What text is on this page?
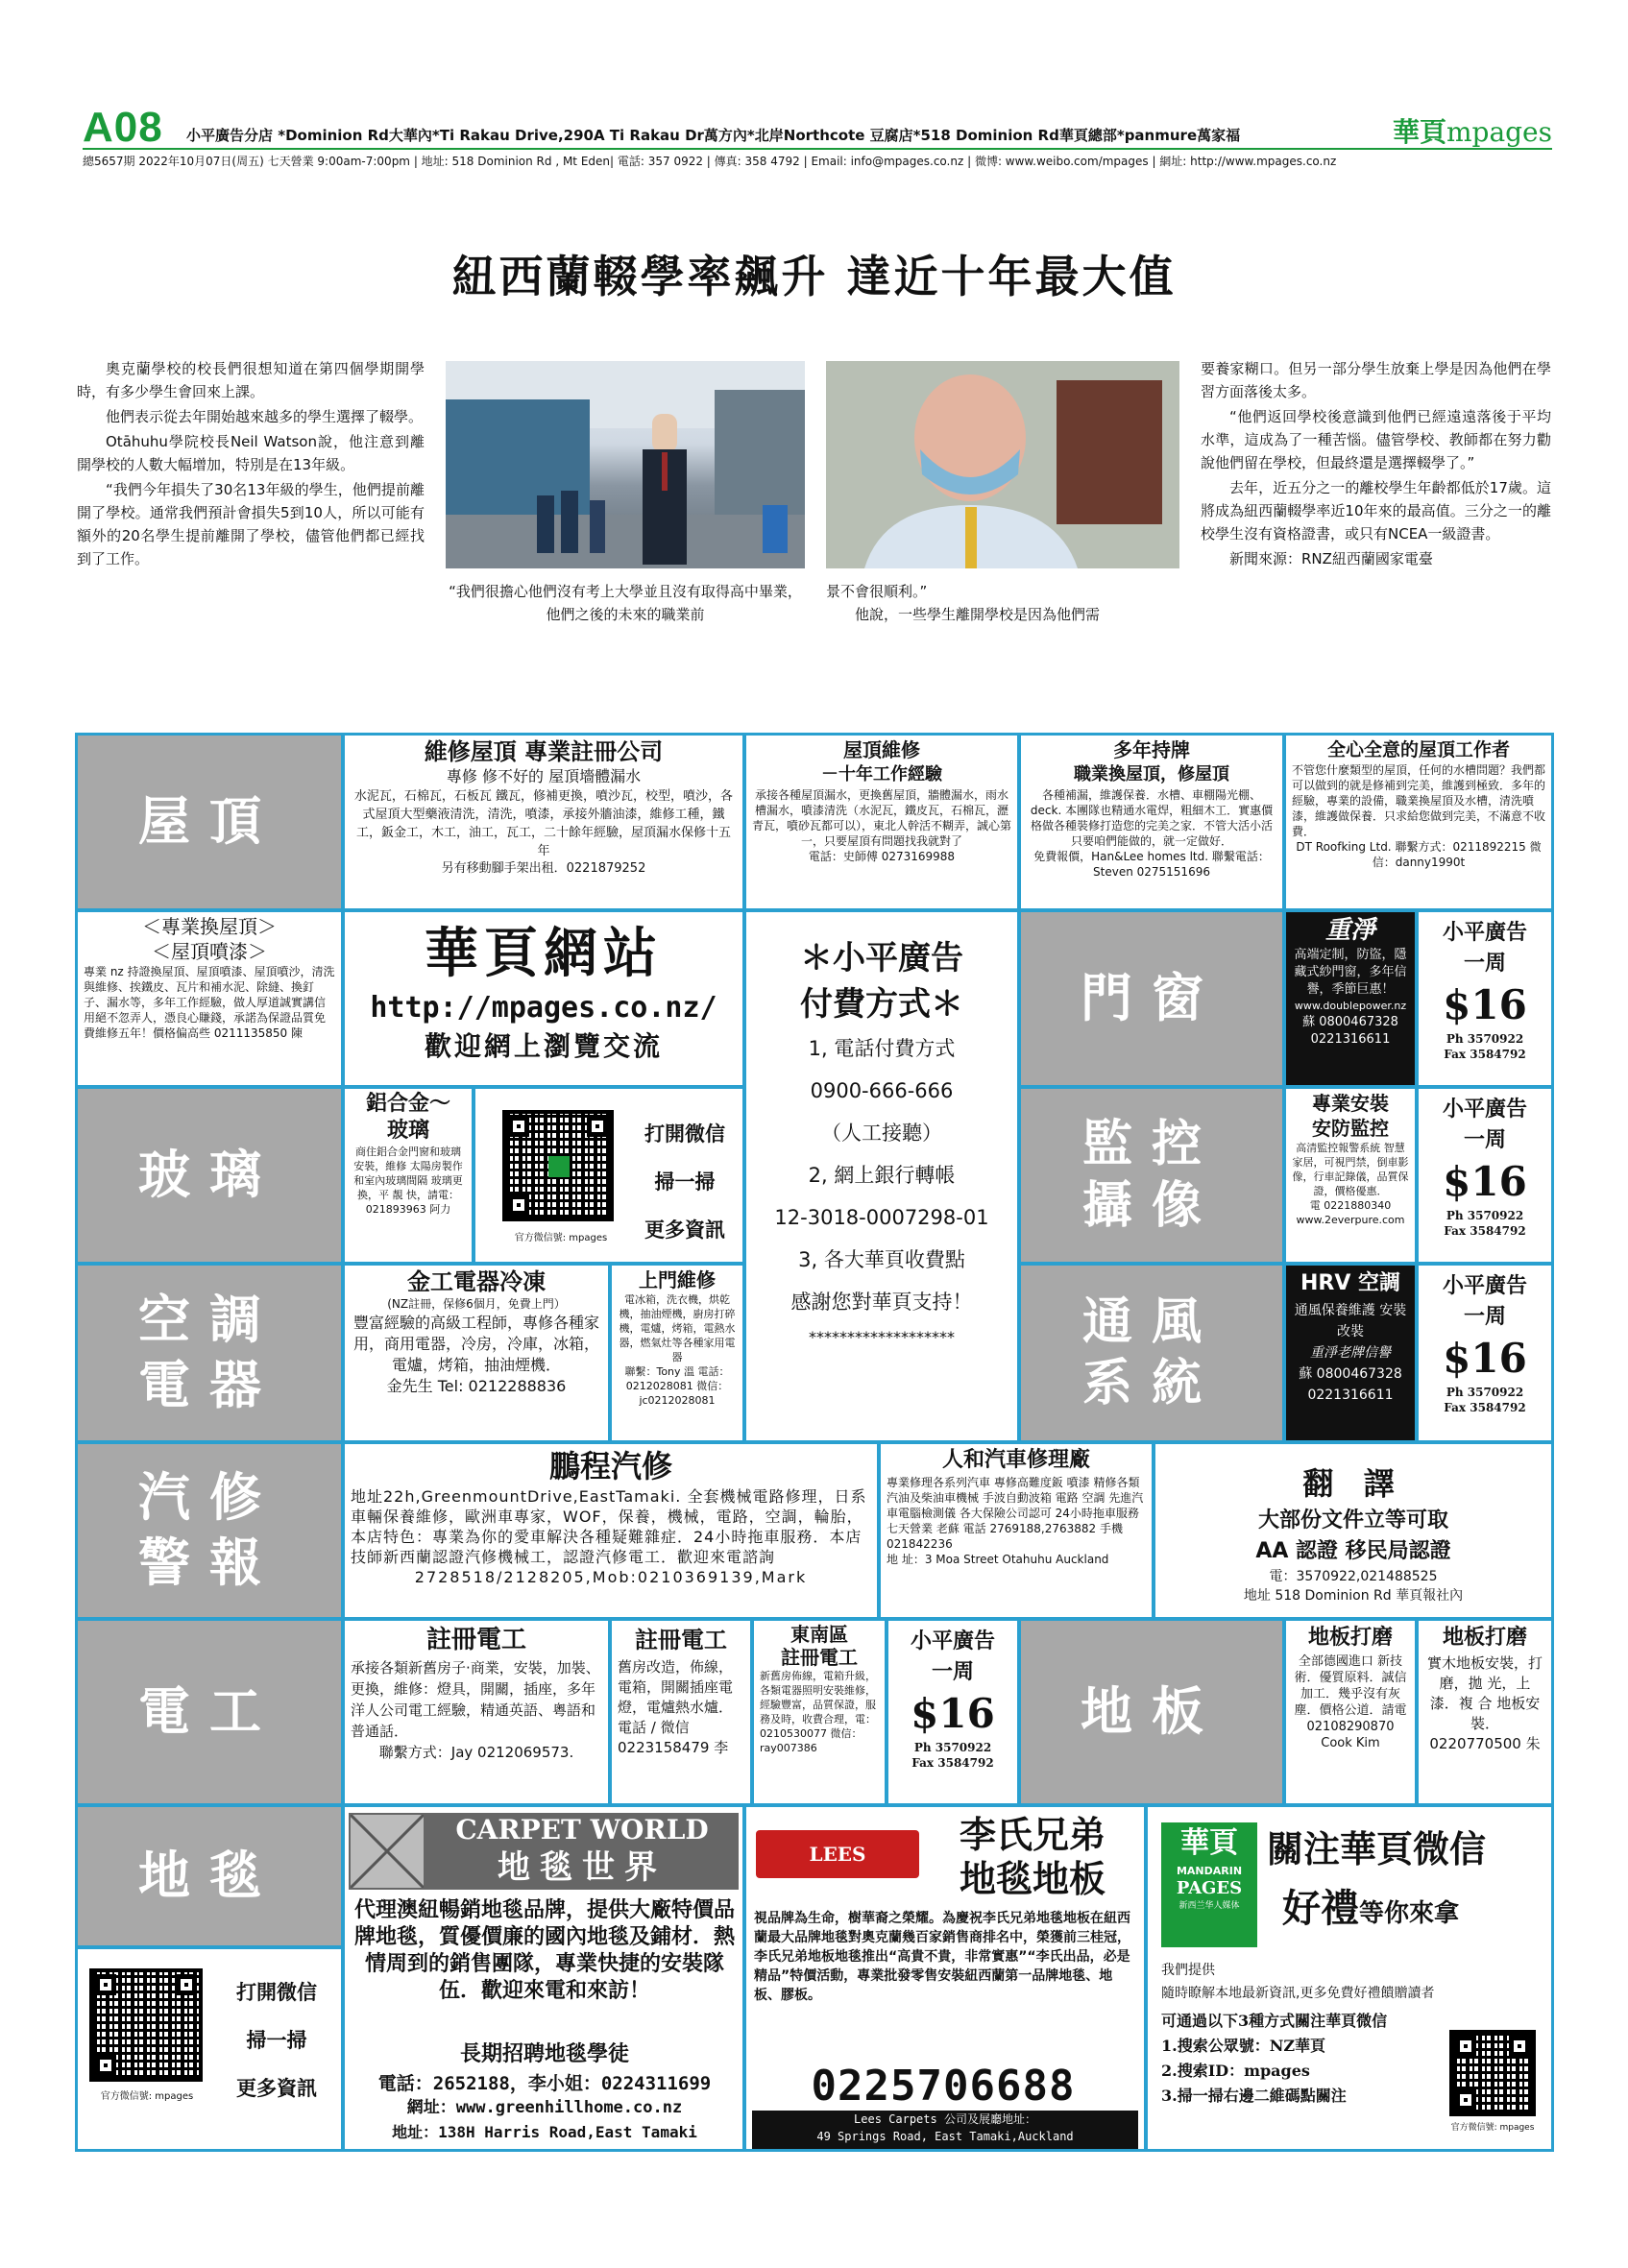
A08 小平廣告分店 *Dominion Rd大華內*Ti Rakau Drive,290A Ti Rakau Dr萬方內*北岸Northcote 豆腐店*518 Dominion Rd華頁總部*panmure萬家福	華頁mpages
總5657期 2022年10月07日(周五) 七天營業 9:00am-7:00pm | 地址: 518 Dominion Rd , Mt Eden| 電話: 357 0922 | 傳真: 358 4792 | Email: info@mpages.co.nz | 微博: www.weibo.com/mpages | 網址: http://www.mpages.co.nz
紐西蘭輟學率飆升 達近十年最大值

奧克蘭學校的校長們很想知道在第四個學期開學時，有多少學生會回來上課。

他們表示從去年開始越來越多的學生選擇了輟學。

Otāhuhu學院校長Neil Watson說，他注意到離開學校的人數大幅增加，特別是在13年級。

“我們今年損失了30名13年級的學生，他們提前離開了學校。通常我們預計會損失5到10人，所以可能有額外的20名學生提前離開了學校，儘管他們都已經找到了工作。

“我們很擔心他們沒有考上大學並且沒有取得高中畢業，他們之後的未來的職業前
景不會很順利。”
他說，一些學生離開學校是因為他們需

要養家糊口。但另一部分學生放棄上學是因為他們在學習方面落後太多。

“他們返回學校後意識到他們已經遠遠落後于平均水準，這成為了一種苦惱。儘管學校、教師都在努力勸說他們留在學校，但最終還是選擇輟學了。”

去年，近五分之一的離校學生年齡都低於17歲。這將成為紐西蘭輟學率近10年來的最高值。三分之一的離校學生沒有資格證書，或只有NCEA一級證書。

新聞來源：RNZ紐西蘭國家電臺

屋頂
維修屋頂 專業註冊公司
專修 修不好的 屋頂墻體漏水
水泥瓦，石棉瓦，石板瓦 鐵瓦，修補更換，噴沙瓦，校型，噴沙，各式屋頂大型藥液清洗，清洗，噴漆，承接外牆油漆，維修工種，鐵工，鈑金工，木工，油工，瓦工，二十餘年經驗，屋頂漏水保修十五年
另有移動腳手架出租．0221879252
屋頂維修
－十年工作經驗
承接各種屋頂漏水，更換舊屋頂，牆體漏水，雨水槽漏水，噴漆清洗（水泥瓦，鐵皮瓦，石棉瓦，瀝青瓦，噴砂瓦都可以），東北人幹活不糊弄，誠心第一，只要屋頂有問題找我就對了
電話：史師傅 0273169988
多年持牌
職業換屋頂，修屋頂
各種補漏，維護保養．水槽、車棚陽光棚、deck. 本團隊也精通水電焊，粗細木工．實惠價格做各種裝修打造您的完美之家．不管大活小活只要咱們能做的，就一定做好．
免費報價，Han&Lee homes ltd. 聯繫電話：Steven 0275151696
全心全意的屋頂工作者
不管您什麼類型的屋頂，任何的水槽問題？我們都可以做到的就是修補到完美，維護到極致．多年的經驗，專業的設備，職業換屋頂及水槽，清洗噴漆，維護做保養．只求給您做到完美，不滿意不收費．
DT Roofking Ltd. 聯繫方式：0211892215 微信：danny1990t
＜專業換屋頂＞
＜屋頂噴漆＞
專業 nz 持證換屋頂、屋頂噴漆、屋頂噴沙，清洗與維修、挨鐵皮、瓦片和補水泥、除縫、換釘子、漏水等，多年工作經驗，做人厚道誠實講信用絕不忽弄人，憑良心賺錢，承諾為保證品質免費維修五年！價格偏高些 0211135850 陳
華頁網站
http://mpages.co.nz/
歡迎網上瀏覽交流
＊小平廣告
付費方式＊
1, 電話付費方式
0900-666-666
（人工接聽）
2, 網上銀行轉帳
12-3018-0007298-01
3, 各大華頁收費點
感謝您對華頁支持！
*******************
門窗
重淨
高端定制，防盜，隱藏式紗門窗，多年信譽，季節巨惠！
www.doublepower.nz
蘇 0800467328 0221316611
小平廣告
一周
$16
Ph 3570922
Fax 3584792
玻璃
鋁合金～
玻璃
商住鋁合金門窗和玻璃安裝，維修 太陽房製作和室內玻璃間隔 玻璃更換，平 靚 快，請電：021893963 阿力
官方微信號: mpages
打開微信
掃一掃
更多資訊
監控
攝像
專業安裝
安防監控
高清監控報警系統 智慧家居，可視門禁，倒車影像，行車記錄儀，品質保證，價格優惠．
電 0221880340
www.2everpure.com
小平廣告
一周
$16
Ph 3570922
Fax 3584792
空調
電器
金工電器冷凍
(NZ註冊，保修6個月，免費上門）
豐富經驗的高級工程師，專修各種家用，商用電器，冷房，冷庫，冰箱，電爐，烤箱，抽油煙機．
金先生 Tel: 0212288836
上門維修
電冰箱，洗衣機，烘乾機，抽油煙機，廚房打碎機，電爐，烤箱，電熱水器，燃氣灶等各種家用電器
聯繫：Tony 溫 電話：0212028081 微信：jc0212028081
通風
系統
HRV 空調
通風保養維護 安裝改裝
重淨老牌信譽
蘇 0800467328 0221316611
小平廣告
一周
$16
Ph 3570922
Fax 3584792
汽修
警報
鵬程汽修
地址22h,GreenmountDrive,EastTamaki. 全套機械電路修理，日系車輛保養維修，歐洲車專家，WOF，保養，機械，電路，空調，輪胎，本店特色：專業為你的愛車解決各種疑難雜症．24小時拖車服務．本店技師新西蘭認證汽修機械工，認證汽修電工．歡迎來電諮詢
2728518/2128205,Mob:0210369139,Mark
人和汽車修理廠
專業修理各系列汽車 專修高難度鈑 噴漆 精修各類汽油及柴油車機械 手波自動波箱 電路 空調 先進汽車電腦檢測儀 各大保險公司認可 24小時拖車服務 七天營業 老蘇 電話 2769188,2763882 手機 021842236
地 址：3 Moa Street Otahuhu Auckland
翻 譯
大部份文件立等可取
AA 認證 移民局認證
電：3570922,021488525
地址 518 Dominion Rd 華頁報社內
電工
註冊電工
承接各類新舊房子·商業，安裝，加裝、更換，維修：燈具，開關，插座，多年洋人公司電工經驗，精通英語、粵語和普通話．
聯繫方式：Jay 0212069573.
註冊電工
舊房改造，佈線，電箱，開關插座電燈，電爐熱水爐．電話 / 微信 0223158479 李
東南區
註冊電工
新舊房佈線，電箱升級，各類電器照明安裝維修，經驗豐富，品質保證，服務及時，收費合理，電：0210530077 微信：ray007386
小平廣告
一周
$16
Ph 3570922
Fax 3584792
地板
地板打磨
全部德國進口 新技術．優質原料．誠信加工．幾乎沒有灰塵．價格公道．請電 02108290870 Cook Kim
地板打磨
實木地板安裝，打 磨，拋 光，上 漆．複 合 地板安裝．
0220770500 朱
地毯
官方微信號: mpages
打開微信
掃一掃
更多資訊
CARPET WORLD
地毯世界
代理澳紐暢銷地毯品牌，提供大廠特價品牌地毯，質優價廉的國內地毯及鋪材．熱情周到的銷售團隊，專業快捷的安裝隊伍．歡迎來電和來訪！
長期招聘地毯學徒
電話：2652188，李小姐：0224311699
網址：www.greenhillhome.co.nz
地址：138H Harris Road,East Tamaki
LEES CARPETS
李氏兄弟
地毯地板
視品牌為生命，樹華裔之榮耀。為慶祝李氏兄弟地毯地板在紐西蘭最大品牌地毯對奧克蘭幾百家銷售商排名中，榮獲前三桂冠，李氏兄弟地板地毯推出“高貴不貴，非常實惠”“李氏出品，必是精品”特價活動，專業批發零售安裝紐西蘭第一品牌地毯、地板、膠板。
0225706688
Lees Carpets 公司及展廳地址：
49 Springs Road, East Tamaki,Auckland
華頁
MANDARIN
PAGES
新西兰华人媒体
關注華頁微信
好禮等你來拿
我們提供
隨時瞭解本地最新資訊,更多免費好禮饋贈讀者
可通過以下3種方式關注華頁微信
1.搜索公眾號：NZ華頁
2.搜索ID：mpages
3.掃一掃右邊二維碼點關注
官方微信號: mpages
